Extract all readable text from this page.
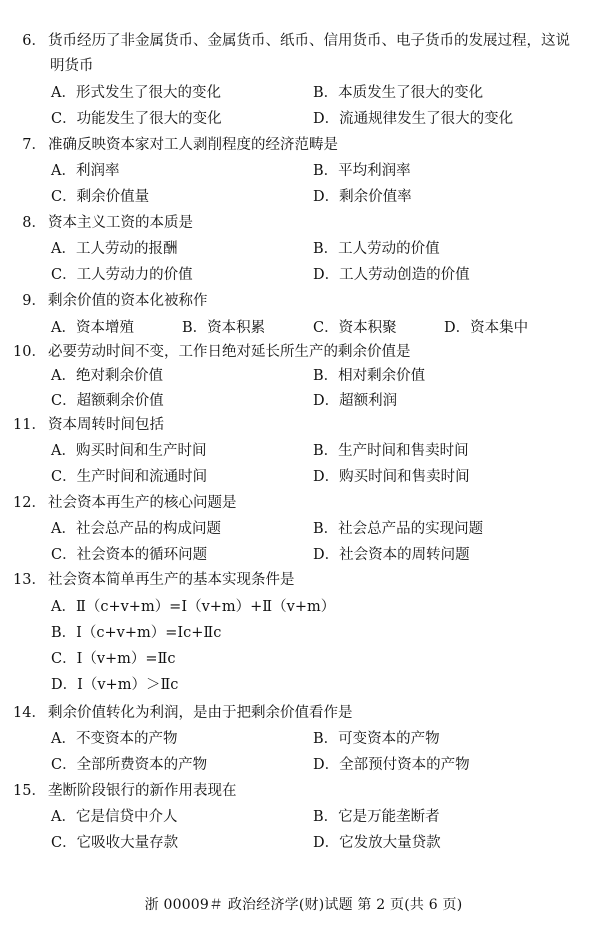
6． 货币经历了非金属货币、金属货币、纸币、信用货币、电子货币的发展过程，这说
明货币
A．形式发生了很大的变化	B．本质发生了很大的变化
C．功能发生了很大的变化	D．流通规律发生了很大的变化
7． 准确反映资本家对工人剥削程度的经济范畴是
A．利润率	B．平均利润率
C．剩余价值量	D．剩余价值率
8． 资本主义工资的本质是
A．工人劳动的报酬	B．工人劳动的价值
C．工人劳动力的价值	D．工人劳动创造的价值
9． 剩余价值的资本化被称作
A．资本增殖	B．资本积累	C．资本积聚	D．资本集中
10． 必要劳动时间不变，工作日绝对延长所生产的剩余价值是
A．绝对剩余价值	B．相对剩余价值
C．超额剩余价值	D．超额利润
11． 资本周转时间包括
A．购买时间和生产时间	B．生产时间和售卖时间
C．生产时间和流通时间	D．购买时间和售卖时间
12． 社会资本再生产的核心问题是
A．社会总产品的构成问题	B．社会总产品的实现问题
C．社会资本的循环问题	D．社会资本的周转问题
13． 社会资本简单再生产的基本实现条件是
A．Ⅱ（c+v+m）=Ⅰ（v+m）+Ⅱ（v+m）
B．Ⅰ（c+v+m）=Ⅰc+Ⅱc
C．Ⅰ（v+m）=Ⅱc
D．Ⅰ（v+m）＞Ⅱc
14． 剩余价值转化为利润，是由于把剩余价值看作是
A．不变资本的产物	B．可变资本的产物
C．全部所费资本的产物	D．全部预付资本的产物
15． 垄断阶段银行的新作用表现在
A．它是信贷中介人	B．它是万能垄断者
C．它吸收大量存款	D．它发放大量贷款
浙 00009＃ 政治经济学(财)试题 第 2 页(共 6 页)
